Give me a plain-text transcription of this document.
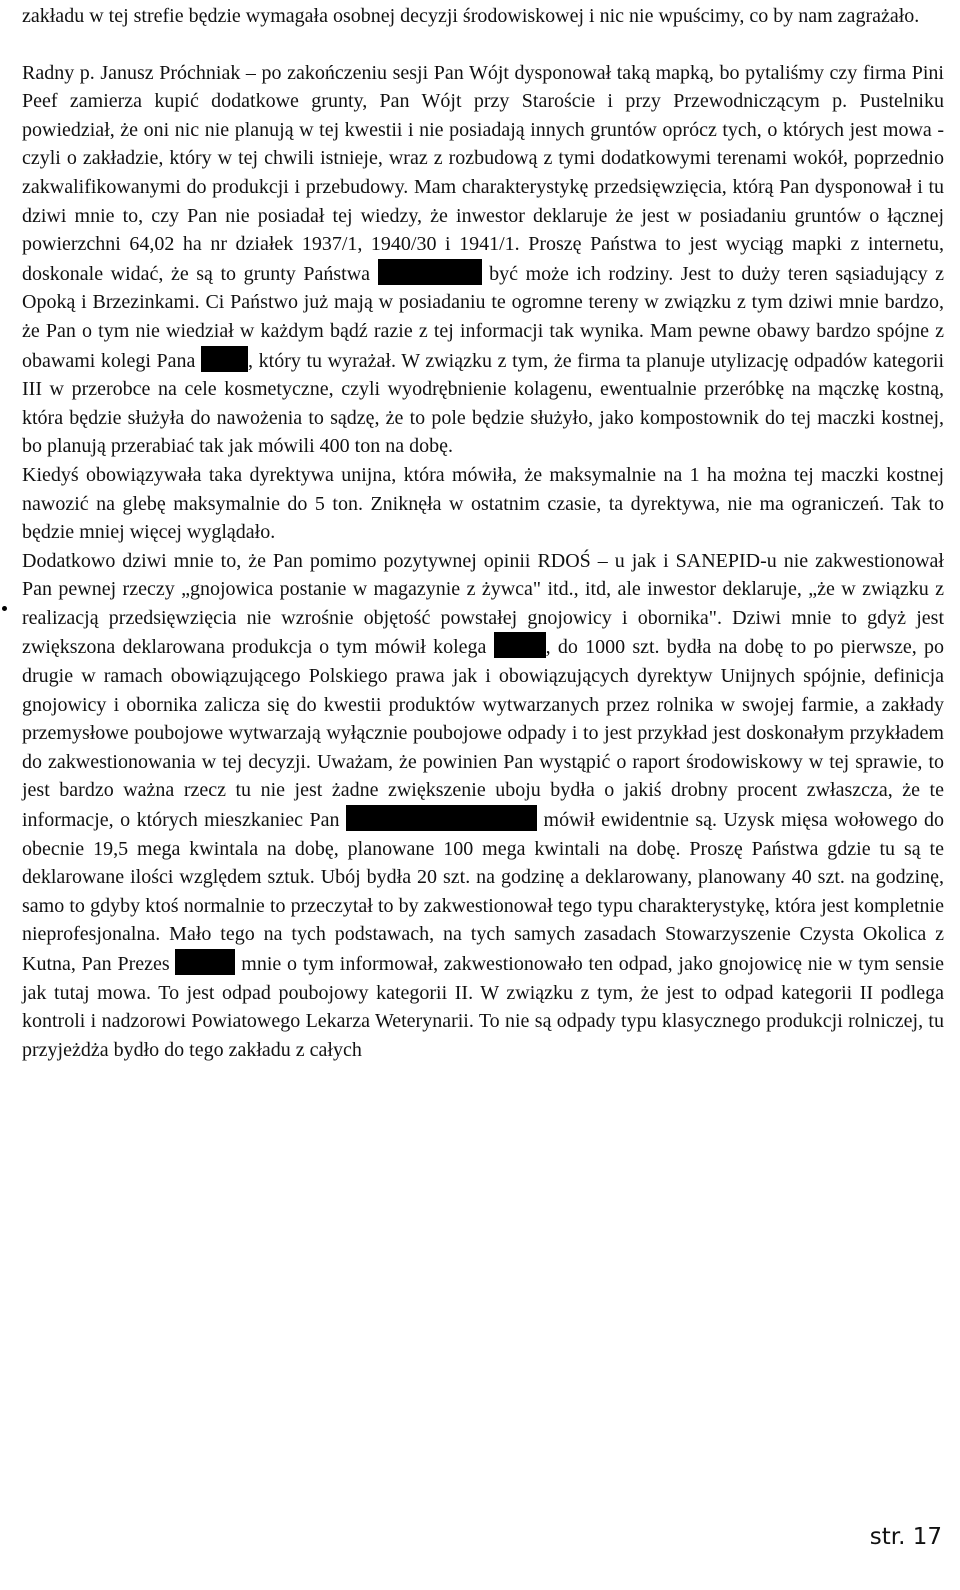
zakładu w tej strefie będzie wymagała osobnej decyzji środowiskowej i nic nie wpuścimy, co by nam zagrażało.

Radny p. Janusz Próchniak – po zakończeniu sesji Pan Wójt dysponował taką mapką, bo pytaliśmy czy firma Pini Peef zamierza kupić dodatkowe grunty, Pan Wójt przy Staroście i przy Przewodniczącym p. Pustelniku powiedział, że oni nic nie planują w tej kwestii i nie posiadają innych gruntów oprócz tych, o których jest mowa - czyli o zakładzie, który w tej chwili istnieje, wraz z rozbudową z tymi dodatkowymi terenami wokół, poprzednio zakwalifikowanymi do produkcji i przebudowy. Mam charakterystykę przedsięwzięcia, którą Pan dysponował i tu dziwi mnie to, czy Pan nie posiadał tej wiedzy, że inwestor deklaruje że jest w posiadaniu gruntów o łącznej powierzchni 64,02 ha nr działek 1937/1, 1940/30 i 1941/1. Proszę Państwa to jest wyciąg mapki z internetu, doskonale widać, że są to grunty Państwa	być może ich rodziny. Jest to duży teren sąsiadujący z Opoką i Brzezinkami. Ci Państwo już mają w posiadaniu te ogromne tereny w związku z tym dziwi mnie bardzo, że Pan o tym nie wiedział w każdym bądź razie z tej informacji tak wynika. Mam pewne obawy bardzo spójne z obawami kolegi Pana	, który tu wyrażał. W związku z tym, że firma ta planuje utylizację odpadów kategorii III w przerobce na cele kosmetyczne, czyli wyodrębnienie kolagenu, ewentualnie przeróbkę na mączkę kostną, która będzie służyła do nawożenia to sądzę, że to pole będzie służyło, jako kompostownik do tej maczki kostnej, bo planują przerabiać tak jak mówili 400 ton na dobę.

Kiedyś obowiązywała taka dyrektywa unijna, która mówiła, że maksymalnie na 1 ha można tej maczki kostnej nawozić na glebę maksymalnie do 5 ton. Zniknęła w ostatnim czasie, ta dyrektywa, nie ma ograniczeń. Tak to będzie mniej więcej wyglądało.

Dodatkowo dziwi mnie to, że Pan pomimo pozytywnej opinii RDOŚ – u jak i SANEPID-u nie zakwestionował Pan pewnej rzeczy „gnojowica postanie w magazynie z żywca" itd., itd, ale inwestor deklaruje, „że w związku z realizacją przedsięwzięcia nie wzrośnie objętość powstałej gnojowicy i obornika". Dziwi mnie to gdyż jest zwiększona deklarowana produkcja o tym mówił kolega	, do 1000 szt. bydła na dobę to po pierwsze, po drugie w ramach obowiązującego Polskiego prawa jak i obowiązujących dyrektyw Unijnych spójnie, definicja gnojowicy i obornika zalicza się do kwestii produktów wytwarzanych przez rolnika w swojej farmie, a zakłady przemysłowe poubojowe wytwarzają wyłącznie poubojowe odpady i to jest przykład jest doskonałym przykładem do zakwestionowania w tej decyzji. Uważam, że powinien Pan wystąpić o raport środowiskowy w tej sprawie, to jest bardzo ważna rzecz tu nie jest żadne zwiększenie uboju bydła o jakiś drobny procent zwłaszcza, że te informacje, o których mieszkaniec Pan	mówił ewidentnie są. Uzysk mięsa wołowego do obecnie 19,5 mega kwintala na dobę, planowane 100 mega kwintali na dobę. Proszę Państwa gdzie tu są te deklarowane ilości względem sztuk. Ubój bydła 20 szt. na godzinę a deklarowany, planowany 40 szt. na godzinę, samo to gdyby ktoś normalnie to przeczytał to by zakwestionował tego typu charakterystykę, która jest kompletnie nieprofesjonalna. Mało tego na tych podstawach, na tych samych zasadach Stowarzyszenie Czysta Okolica z Kutna, Pan Prezes	mnie o tym informował, zakwestionowało ten odpad, jako gnojowicę nie w tym sensie jak tutaj mowa. To jest odpad poubojowy kategorii II. W związku z tym, że jest to odpad kategorii II podlega kontroli i nadzorowi Powiatowego Lekarza Weterynarii. To nie są odpady typu klasycznego produkcji rolniczej, tu przyjeżdża bydło do tego zakładu z całych

str. 17
